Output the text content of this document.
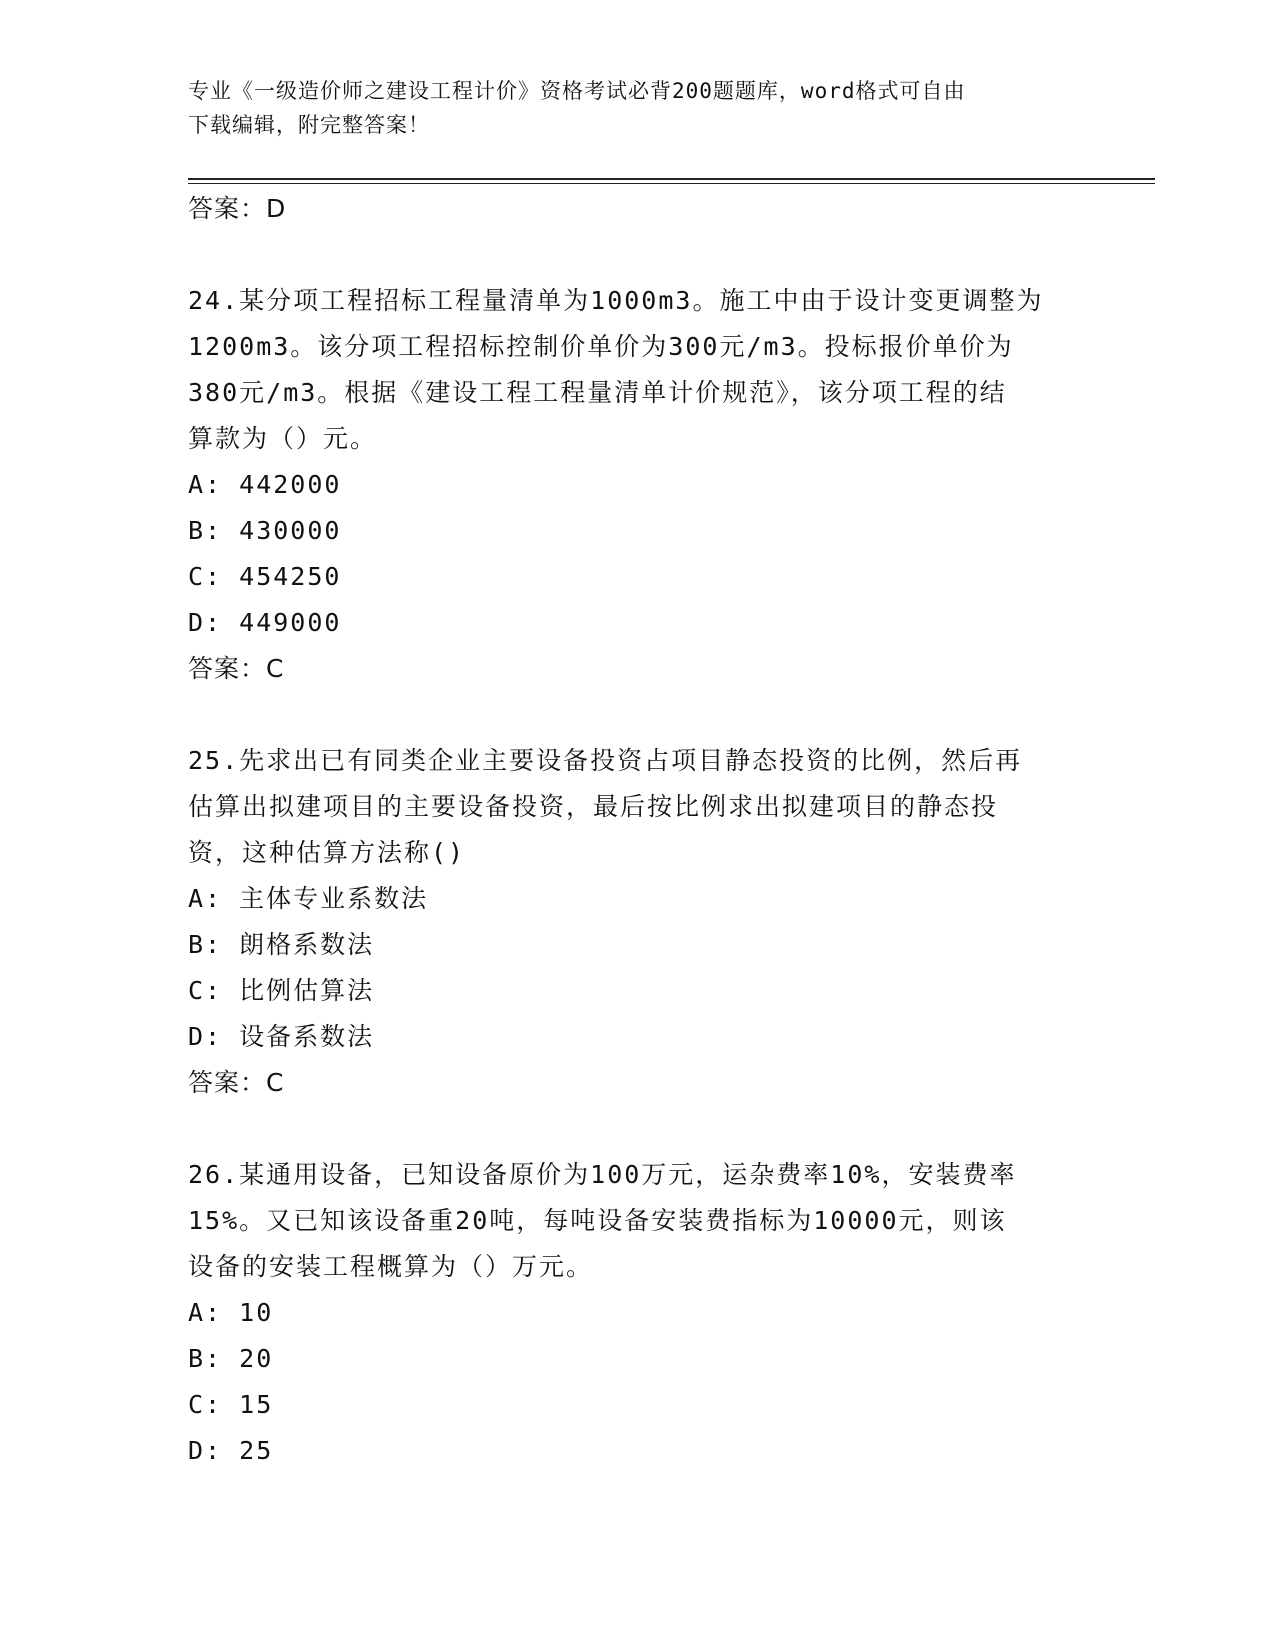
专业《一级造价师之建设工程计价》资格考试必背200题题库，word格式可自由
下载编辑，附完整答案！
答案：D
24.某分项工程招标工程量清单为1000m3。施工中由于设计变更调整为
1200m3。该分项工程招标控制价单价为300元/m3。投标报价单价为
380元/m3。根据《建设工程工程量清单计价规范》，该分项工程的结
算款为（）元。
A: 442000
B: 430000
C: 454250
D: 449000
答案：C
25.先求出已有同类企业主要设备投资占项目静态投资的比例，然后再
估算出拟建项目的主要设备投资，最后按比例求出拟建项目的静态投
资，这种估算方法称()
A: 主体专业系数法
B: 朗格系数法
C: 比例估算法
D: 设备系数法
答案：C
26.某通用设备，已知设备原价为100万元，运杂费率10%，安装费率
15%。又已知该设备重20吨，每吨设备安装费指标为10000元，则该
设备的安装工程概算为（）万元。
A: 10
B: 20
C: 15
D: 25
